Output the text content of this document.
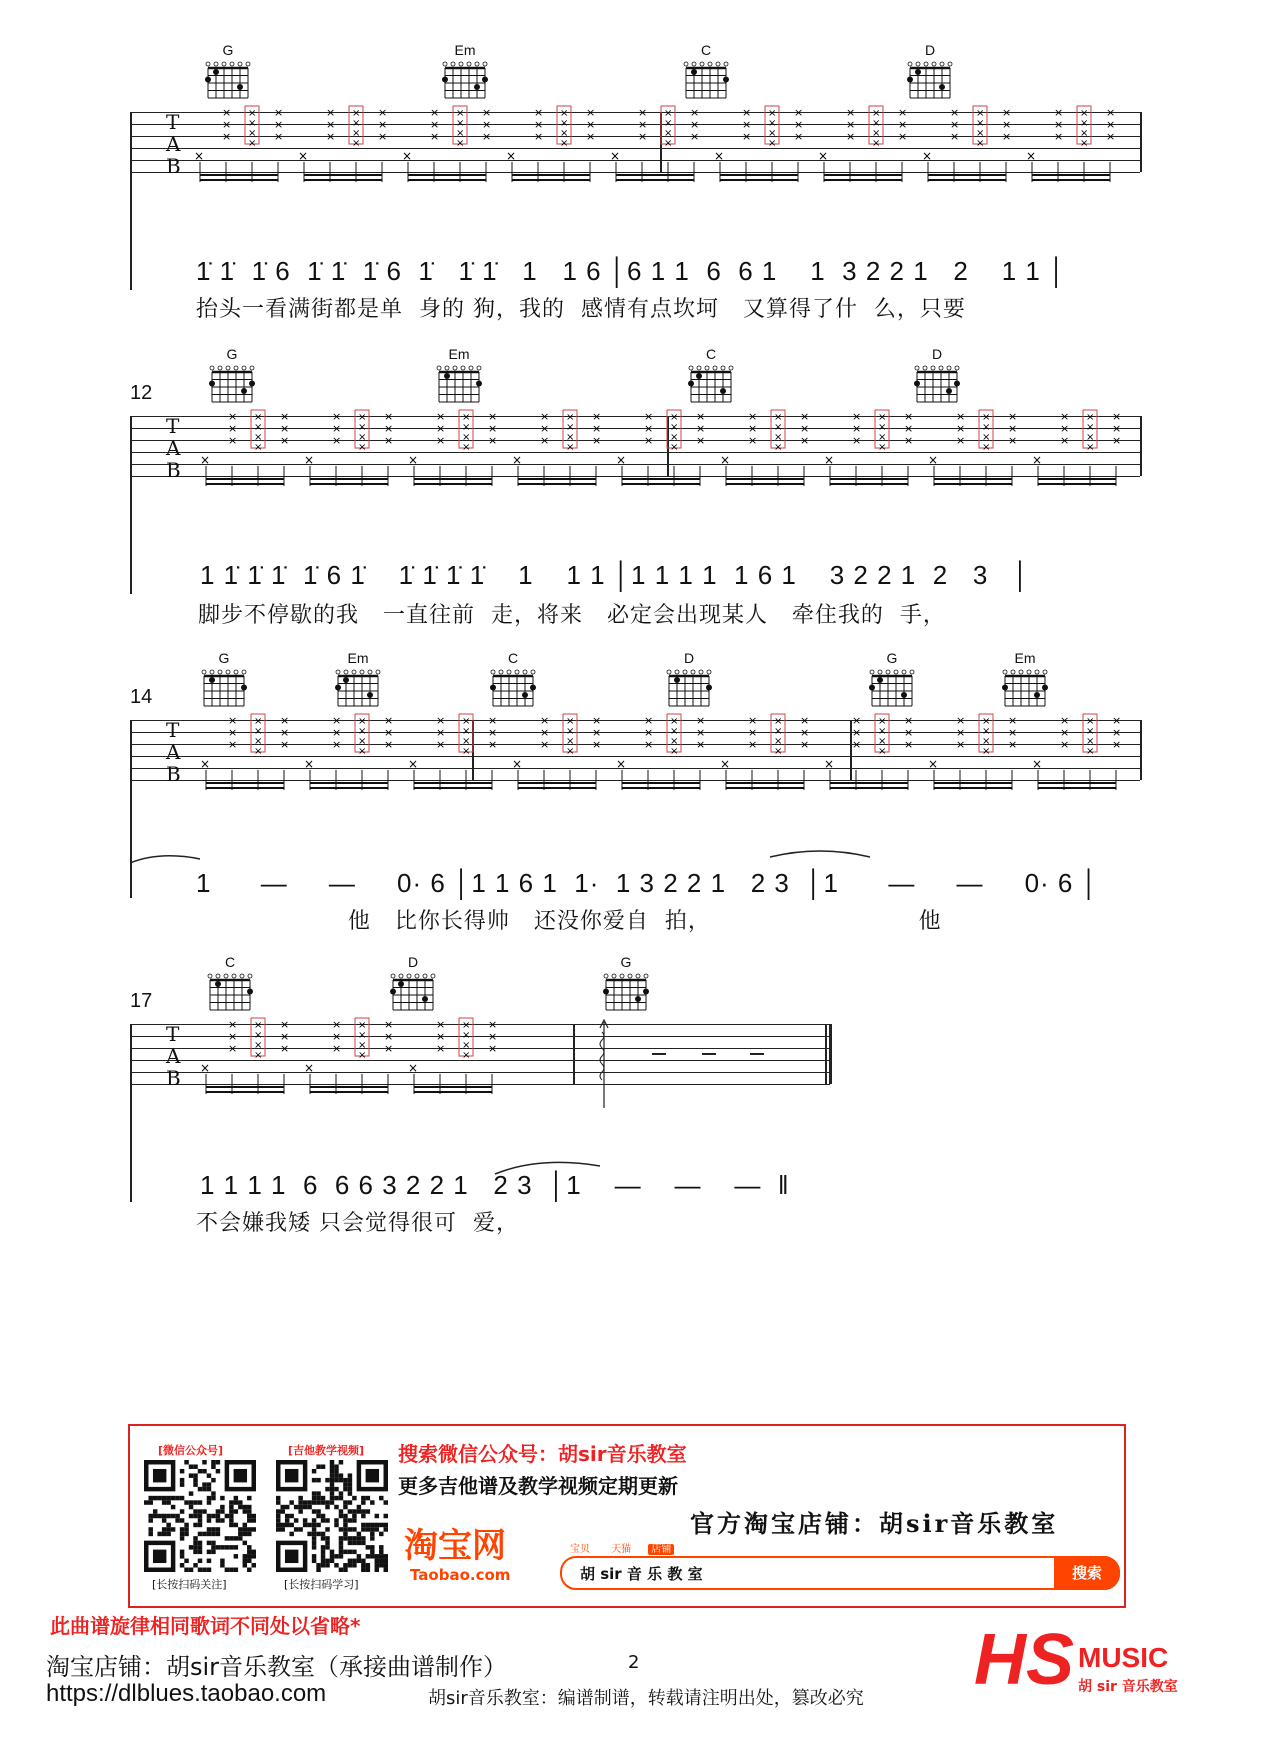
G	Em	C	D
T
A
B ×
×
×
×
×
×
×
×
×
×
×
×
×
×
×
×
×
×
×
×
×
×
×
×
×
×
×
×
×
×
×
×
×
×
×
×
×
×
×
×
×
×
×
×
×
×
×
×
×
×
×
×
×
×
×
×
×
×
×
×
×
×
×
×
×
×
×
×
×
×
×
×
×
×
×
×
×
×
×
×
×
×
×
×
×
×
×
×
×
×
×
×
×
×
×
×
×
×
×
1̇ 1̇  1̇ 6  1̇ 1̇  1̇ 6  1̇   1̇ 1̇   1   1 6 │6 1 1  6  6 1    1  3 2 2 1   2    1 1 │
抬头一看满街都是单  身的 狗，我的  感情有点坎坷   又算得了什  么，只要
12
G	Em	C	D
T
A
B ×
×
×
×
×
×
×
×
×
×
×
×
×
×
×
×
×
×
×
×
×
×
×
×
×
×
×
×
×
×
×
×
×
×
×
×
×
×
×
×
×
×
×
×
×
×
×
×
×
×
×
×
×
×
×
×
×
×
×
×
×
×
×
×
×
×
×
×
×
×
×
×
×
×
×
×
×
×
×
×
×
×
×
×
×
×
×
×
×
×
×
×
×
×
×
×
×
×
×
1 1̇ 1̇ 1̇  1̇ 6 1̇    1̇ 1̇ 1̇ 1̇    1    1 1 │1 1 1 1  1 6 1    3 2 2 1  2   3   │
脚步不停歇的我   一直往前  走，将来   必定会出现某人   牵住我的  手，
14
G	Em	C	D	G	Em
T
A
B ×
×
×
×
×
×
×
×
×
×
×
×
×
×
×
×
×
×
×
×
×
×
×
×
×
×
×
×
×
×
×
×
×
×
×
×
×
×
×
×
×
×
×
×
×
×
×
×
×
×
×
×
×
×
×
×
×
×
×
×
×
×
×
×
×
×
×
×
×
×
×
×
×
×
×
×
×
×
×
×
×
×
×
×
×
×
×
×
×
×
×
×
×
×
×
×
×
×
×
1      —     —     0· 6 │1 1 6 1  1·  1 3 2 2 1   2 3  │1      —     —     0· 6 │
他   比你长得帅   还没你爱自  拍，                          他
17
C	D	G
T
A
B ×
×
×
×
×
×
×
×
×
×
×
×
×
×
×
×
×
×
×
×
×
×
×
×
×
×
×
×
×
×
×
×
×
1 1 1 1  6  6 6 3 2 2 1   2 3  │1    —    —    —  ‖
不会嫌我矮 只会觉得很可  爱，
[微信公众号]
[长按扫码关注]
[吉他教学视频]
[长按扫码学习]
搜索微信公众号：胡sir音乐教室
更多吉他谱及教学视频定期更新
淘宝网
Taobao.com
官方淘宝店铺：胡sir音乐教室
宝贝 天猫 店铺
胡 sir 音 乐 教 室	搜索
此曲谱旋律相同歌词不同处以省略*
淘宝店铺：胡sir音乐教室（承接曲谱制作）	2
https://dlblues.taobao.com	胡sir音乐教室：编谱制谱，转载请注明出处，篡改必究 HS MUSIC
胡 sir 音乐教室
